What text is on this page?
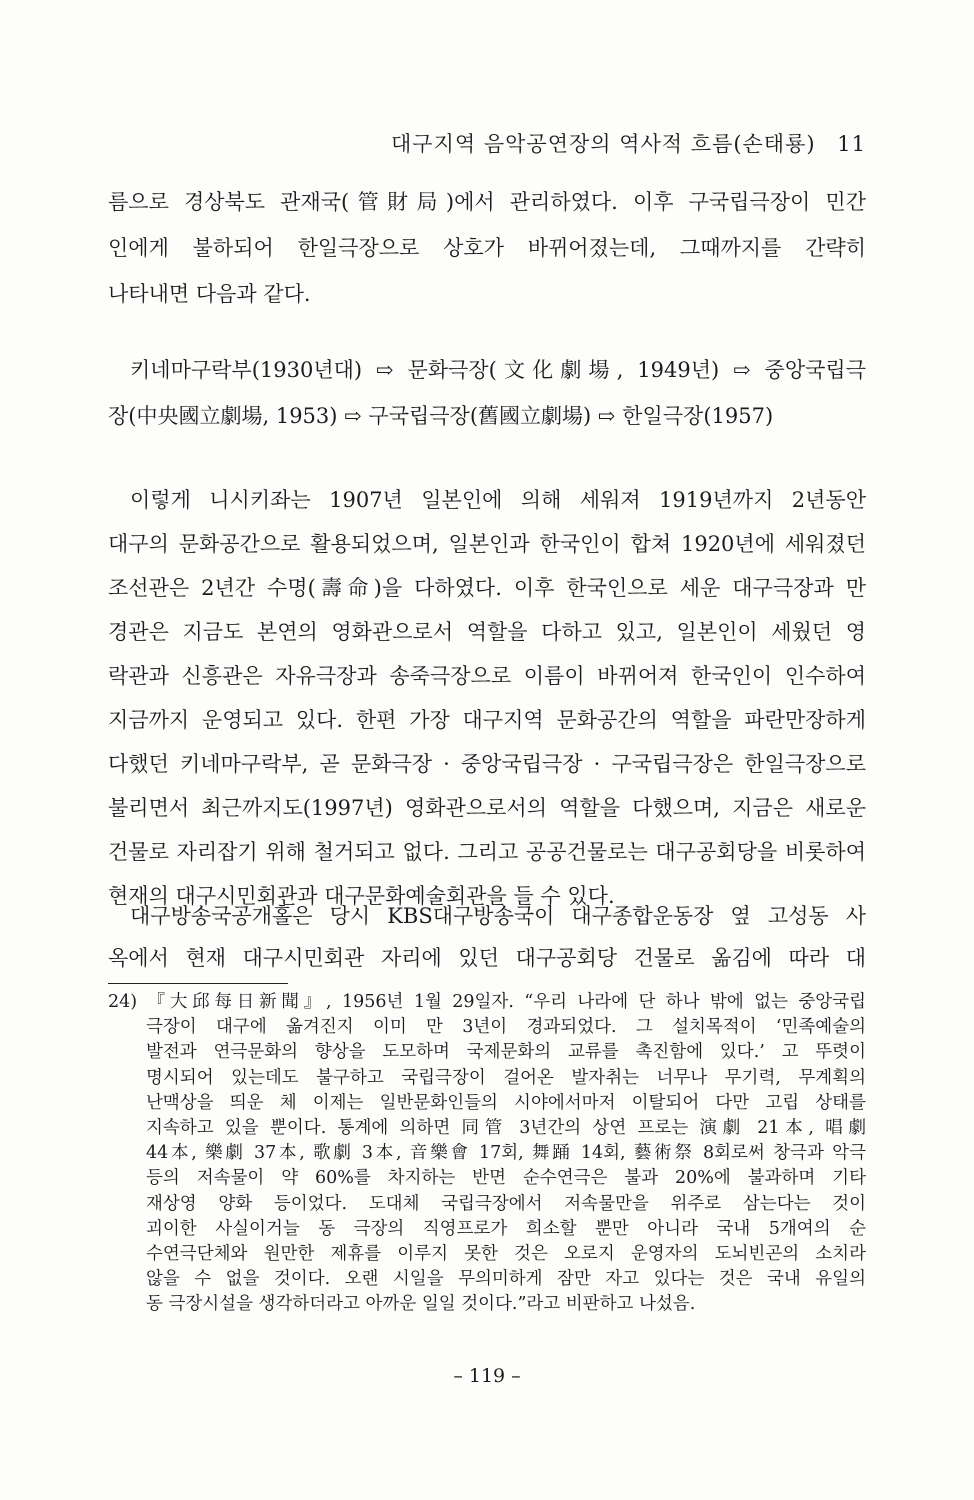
대구지역 음악공연장의 역사적 흐름(손태룡) 11
름으로 경상북도 관재국(管財局)에서 관리하였다. 이후 구국립극장이 민간
인에게 불하되어 한일극장으로 상호가 바뀌어졌는데, 그때까지를 간략히
나타내면 다음과 같다.
키네마구락부(1930년대) ⇨ 문화극장(文化劇場, 1949년) ⇨ 중앙국립극
장(中央國立劇場, 1953) ⇨ 구국립극장(舊國立劇場) ⇨ 한일극장(1957)
이렇게 니시키좌는 1907년 일본인에 의해 세워져 1919년까지 2년동안
대구의 문화공간으로 활용되었으며, 일본인과 한국인이 합쳐 1920년에 세워졌던
조선관은 2년간 수명(壽命)을 다하였다. 이후 한국인으로 세운 대구극장과 만
경관은 지금도 본연의 영화관으로서 역할을 다하고 있고, 일본인이 세웠던 영
락관과 신흥관은 자유극장과 송죽극장으로 이름이 바뀌어져 한국인이 인수하여
지금까지 운영되고 있다. 한편 가장 대구지역 문화공간의 역할을 파란만장하게
다했던 키네마구락부, 곧 문화극장 · 중앙국립극장 · 구국립극장은 한일극장으로
불리면서 최근까지도(1997년) 영화관으로서의 역할을 다했으며, 지금은 새로운
건물로 자리잡기 위해 철거되고 없다. 그리고 공공건물로는 대구공회당을 비롯하여
현재의 대구시민회관과 대구문화예술회관을 들 수 있다.
대구방송국공개홀은 당시 KBS대구방송국이 대구종합운동장 옆 고성동 사
옥에서 현재 대구시민회관 자리에 있던 대구공회당 건물로 옮김에 따라 대
24) 『大邱每日新聞』, 1956년 1월 29일자. “우리 나라에 단 하나 밖에 없는 중앙국립
극장이 대구에 옮겨진지 이미 만 3년이 경과되었다. 그 설치목적이 ‘민족예술의
발전과 연극문화의 향상을 도모하며 국제문화의 교류를 촉진함에 있다.’ 고 뚜렷이
명시되어 있는데도 불구하고 국립극장이 걸어온 발자취는 너무나 무기력, 무계획의
난맥상을 띄운 체 이제는 일반문화인들의 시야에서마저 이탈되어 다만 고립 상태를
지속하고 있을 뿐이다. 통계에 의하면 同管 3년간의 상연 프로는 演劇 21本, 唱劇
44本, 樂劇 37本, 歌劇 3本, 音樂會 17회, 舞踊 14회, 藝術祭 8회로써 창극과 악극
등의 저속물이 약 60%를 차지하는 반면 순수연극은 불과 20%에 불과하며 기타
재상영 양화 등이었다. 도대체 국립극장에서 저속물만을 위주로 삼는다는 것이
괴이한 사실이거늘 동 극장의 직영프로가 희소할 뿐만 아니라 국내 5개여의 순
수연극단체와 원만한 제휴를 이루지 못한 것은 오로지 운영자의 도뇌빈곤의 소치라
않을 수 없을 것이다. 오랜 시일을 무의미하게 잠만 자고 있다는 것은 국내 유일의
동 극장시설을 생각하더라고 아까운 일일 것이다.”라고 비판하고 나섰음.
– 119 –
